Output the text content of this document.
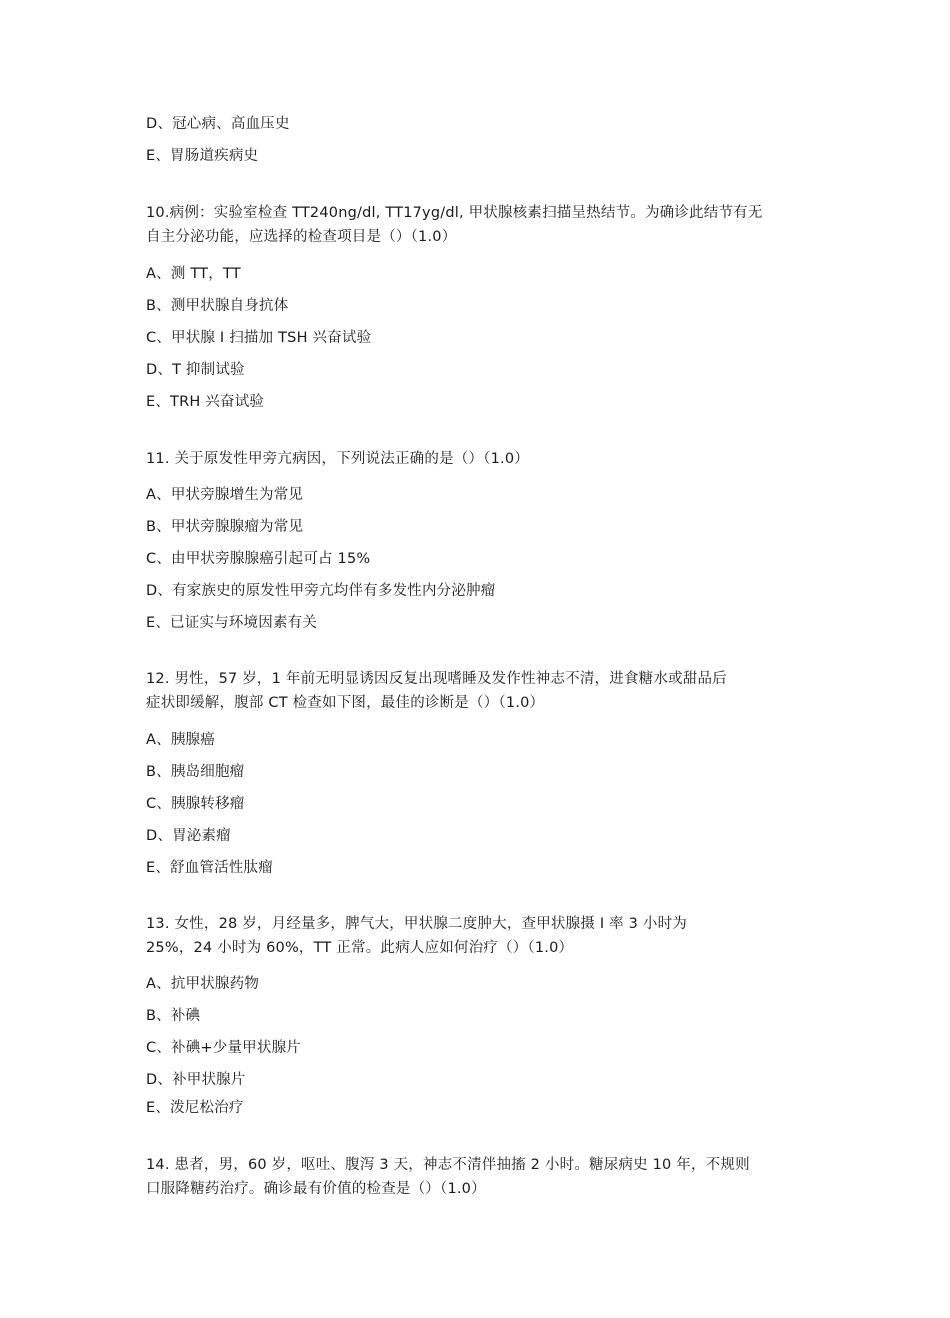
D、冠心病、高血压史
E、胃肠道疾病史
10.病例：实验室检查 TT240ng/dl, TT17yg/dl, 甲状腺核素扫描呈热结节。为确诊此结节有无
自主分泌功能，应选择的检查项目是（）（1.0）
A、测 TT，TT
B、测甲状腺自身抗体
C、甲状腺 I 扫描加 TSH 兴奋试验
D、T 抑制试验
E、TRH 兴奋试验
11. 关于原发性甲旁亢病因，下列说法正确的是（）（1.0）
A、甲状旁腺增生为常见
B、甲状旁腺腺瘤为常见
C、由甲状旁腺腺癌引起可占 15%
D、有家族史的原发性甲旁亢均伴有多发性内分泌肿瘤
E、已证实与环境因素有关
12. 男性，57 岁，1 年前无明显诱因反复出现嗜睡及发作性神志不清，进食糖水或甜品后
症状即缓解，腹部 CT 检查如下图，最佳的诊断是（）（1.0）
A、胰腺癌
B、胰岛细胞瘤
C、胰腺转移瘤
D、胃泌素瘤
E、舒血管活性肽瘤
13. 女性，28 岁，月经量多，脾气大，甲状腺二度肿大，查甲状腺摄 I 率 3 小时为
25%，24 小时为 60%，TT 正常。此病人应如何治疗（）（1.0）
A、抗甲状腺药物
B、补碘
C、补碘+少量甲状腺片
D、补甲状腺片
E、泼尼松治疗
14. 患者，男，60 岁，呕吐、腹泻 3 天，神志不清伴抽搐 2 小时。糖尿病史 10 年，不规则
口服降糖药治疗。确诊最有价值的检查是（）（1.0）
